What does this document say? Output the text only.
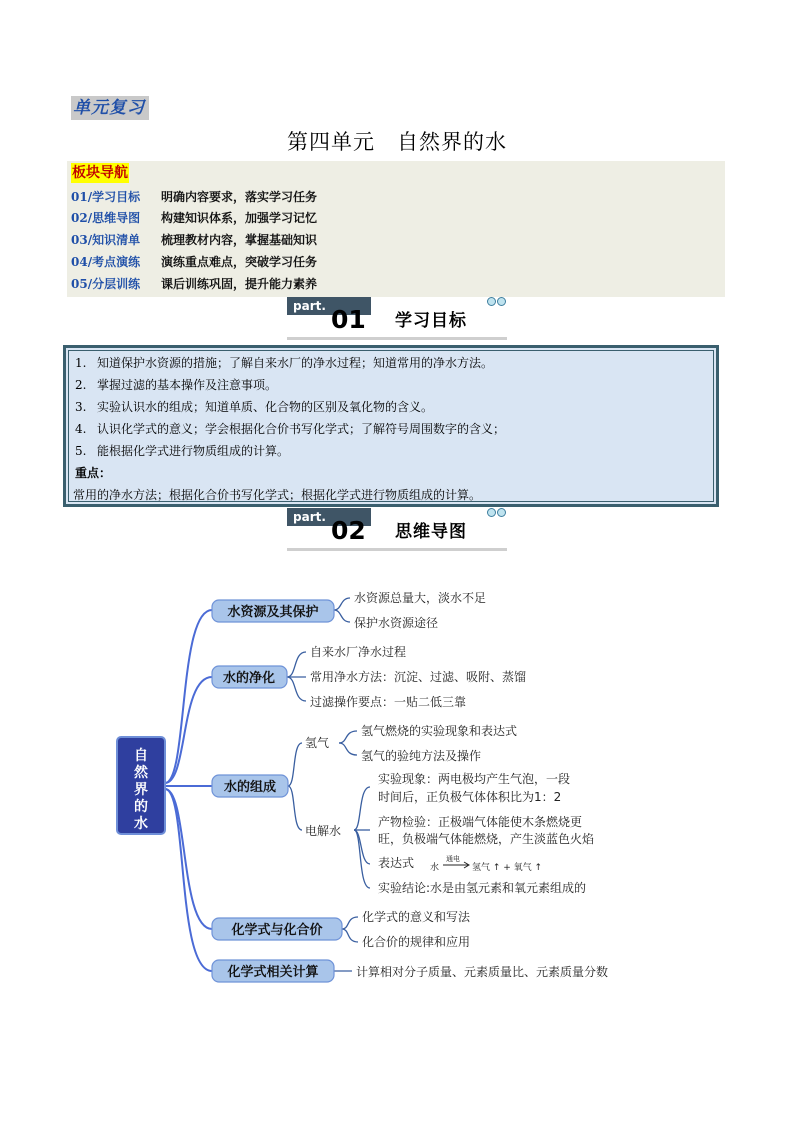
单元复习
第四单元　自然界的水
板块导航
01/学习目标 明确内容要求，落实学习任务
02/思维导图 构建知识体系，加强学习记忆
03/知识清单 梳理教材内容，掌握基础知识
04/考点演练 演练重点难点，突破学习任务
05/分层训练 课后训练巩固，提升能力素养
part. 01 学习目标
1. 知道保护水资源的措施；了解自来水厂的净水过程；知道常用的净水方法。
2. 掌握过滤的基本操作及注意事项。
3. 实验认识水的组成；知道单质、化合物的区别及氧化物的含义。
4. 认识化学式的意义；学会根据化合价书写化学式；了解符号周围数字的含义；
5. 能根据化学式进行物质组成的计算。
重点：
常用的净水方法；根据化合价书写化学式；根据化学式进行物质组成的计算。
part. 02 思维导图
自
然
界
的
水
水资源及其保护
水资源总量大，淡水不足
保护水资源途径
水的净化
自来水厂净水过程
常用净水方法：沉淀、过滤、吸附、蒸馏
过滤操作要点：一贴二低三靠
水的组成
氢气
氢气燃烧的实验现象和表达式
氢气的验纯方法及操作
电解水
实验现象：两电极均产生气泡，一段
时间后，正负极气体体积比为1：2
产物检验：正极端气体能使木条燃烧更
旺，负极端气体能燃烧，产生淡蓝色火焰
表达式 水
通电
氢气 ↑ + 氧气 ↑
实验结论:水是由氢元素和氧元素组成的
化学式与化合价
化学式的意义和写法
化合价的规律和应用
化学式相关计算	计算相对分子质量、元素质量比、元素质量分数
